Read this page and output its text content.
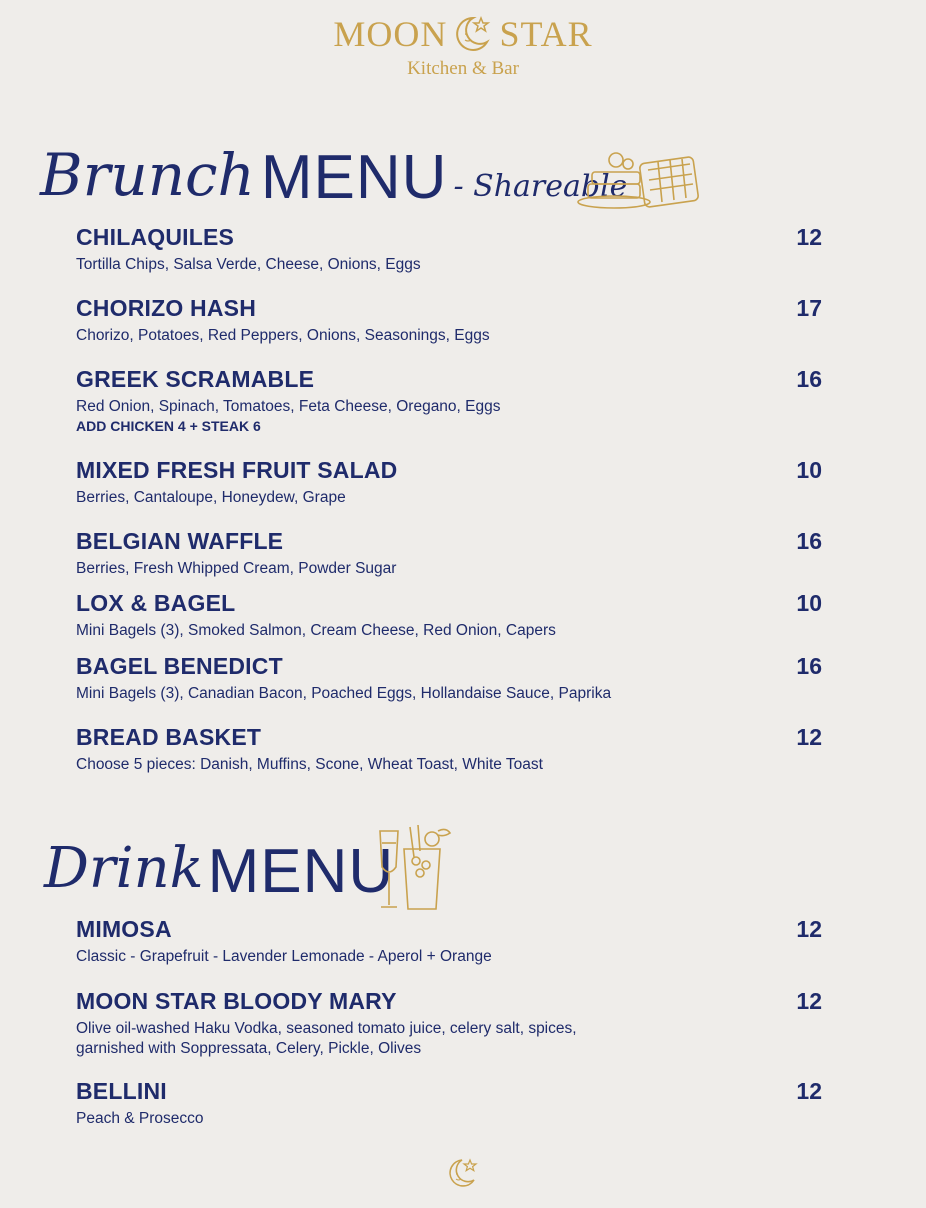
MOON STAR
Kitchen & Bar
Brunch MENU - Shareable
CHILAQUILES	12
Tortilla Chips, Salsa Verde, Cheese, Onions, Eggs
CHORIZO HASH	17
Chorizo, Potatoes, Red Peppers, Onions, Seasonings, Eggs
GREEK SCRAMABLE	16
Red Onion, Spinach, Tomatoes, Feta Cheese, Oregano, Eggs
ADD CHICKEN 4 + STEAK 6
MIXED FRESH FRUIT SALAD	10
Berries, Cantaloupe, Honeydew, Grape
BELGIAN WAFFLE	16
Berries, Fresh Whipped Cream, Powder Sugar
LOX & BAGEL	10
Mini Bagels (3), Smoked Salmon, Cream Cheese, Red Onion, Capers
BAGEL BENEDICT	16
Mini Bagels (3), Canadian Bacon, Poached Eggs, Hollandaise Sauce, Paprika
BREAD BASKET	12
Choose 5 pieces: Danish, Muffins, Scone, Wheat Toast, White Toast
Drink MENU
MIMOSA	12
Classic - Grapefruit - Lavender Lemonade - Aperol + Orange
MOON STAR BLOODY MARY	12
Olive oil-washed Haku Vodka, seasoned tomato juice, celery salt, spices,
garnished with Soppressata, Celery, Pickle, Olives
BELLINI	12
Peach & Prosecco
